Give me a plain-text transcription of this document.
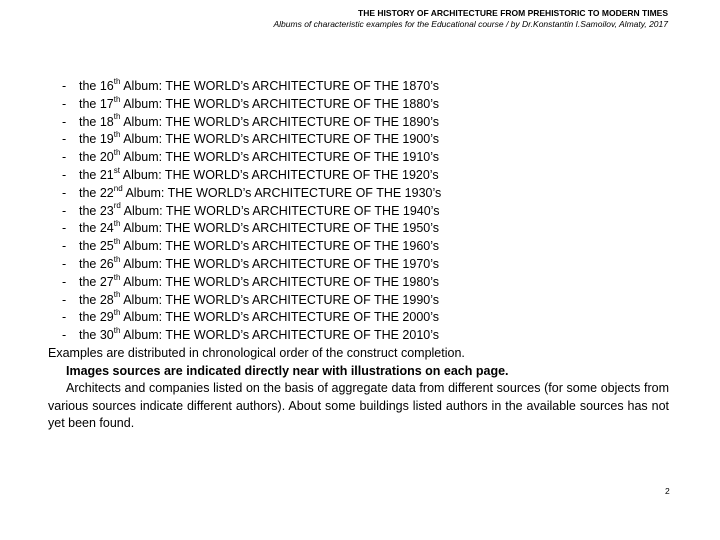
THE HISTORY OF ARCHITECTURE FROM PREHISTORIC TO MODERN TIMES
Albums of characteristic examples for the Educational course / by Dr.Konstantin I.Samoilov, Almaty, 2017
-	the 16th Album: THE WORLD’s ARCHITECTURE OF THE 1870’s
-	the 17th Album: THE WORLD’s ARCHITECTURE OF THE 1880’s
-	the 18th Album: THE WORLD’s ARCHITECTURE OF THE 1890’s
-	the 19th Album: THE WORLD’s ARCHITECTURE OF THE 1900’s
-	the 20th Album: THE WORLD’s ARCHITECTURE OF THE 1910’s
-	the 21st Album: THE WORLD’s ARCHITECTURE OF THE 1920’s
-	the 22nd Album: THE WORLD’s ARCHITECTURE OF THE 1930’s
-	the 23rd Album: THE WORLD’s ARCHITECTURE OF THE 1940’s
-	the 24th Album: THE WORLD’s ARCHITECTURE OF THE 1950’s
-	the 25th Album: THE WORLD’s ARCHITECTURE OF THE 1960’s
-	the 26th Album: THE WORLD’s ARCHITECTURE OF THE 1970’s
-	the 27th Album: THE WORLD’s ARCHITECTURE OF THE 1980’s
-	the 28th Album: THE WORLD’s ARCHITECTURE OF THE 1990’s
-	the 29th Album: THE WORLD’s ARCHITECTURE OF THE 2000’s
-	the 30th Album: THE WORLD’s ARCHITECTURE OF THE 2010’s

Examples are distributed in chronological order of the construct completion.

Images sources are indicated directly near with illustrations on each page.

Architects and companies listed on the basis of aggregate data from different sources (for some objects from various sources indicate different authors). About some buildings listed authors in the available sources has not yet been found.

2
